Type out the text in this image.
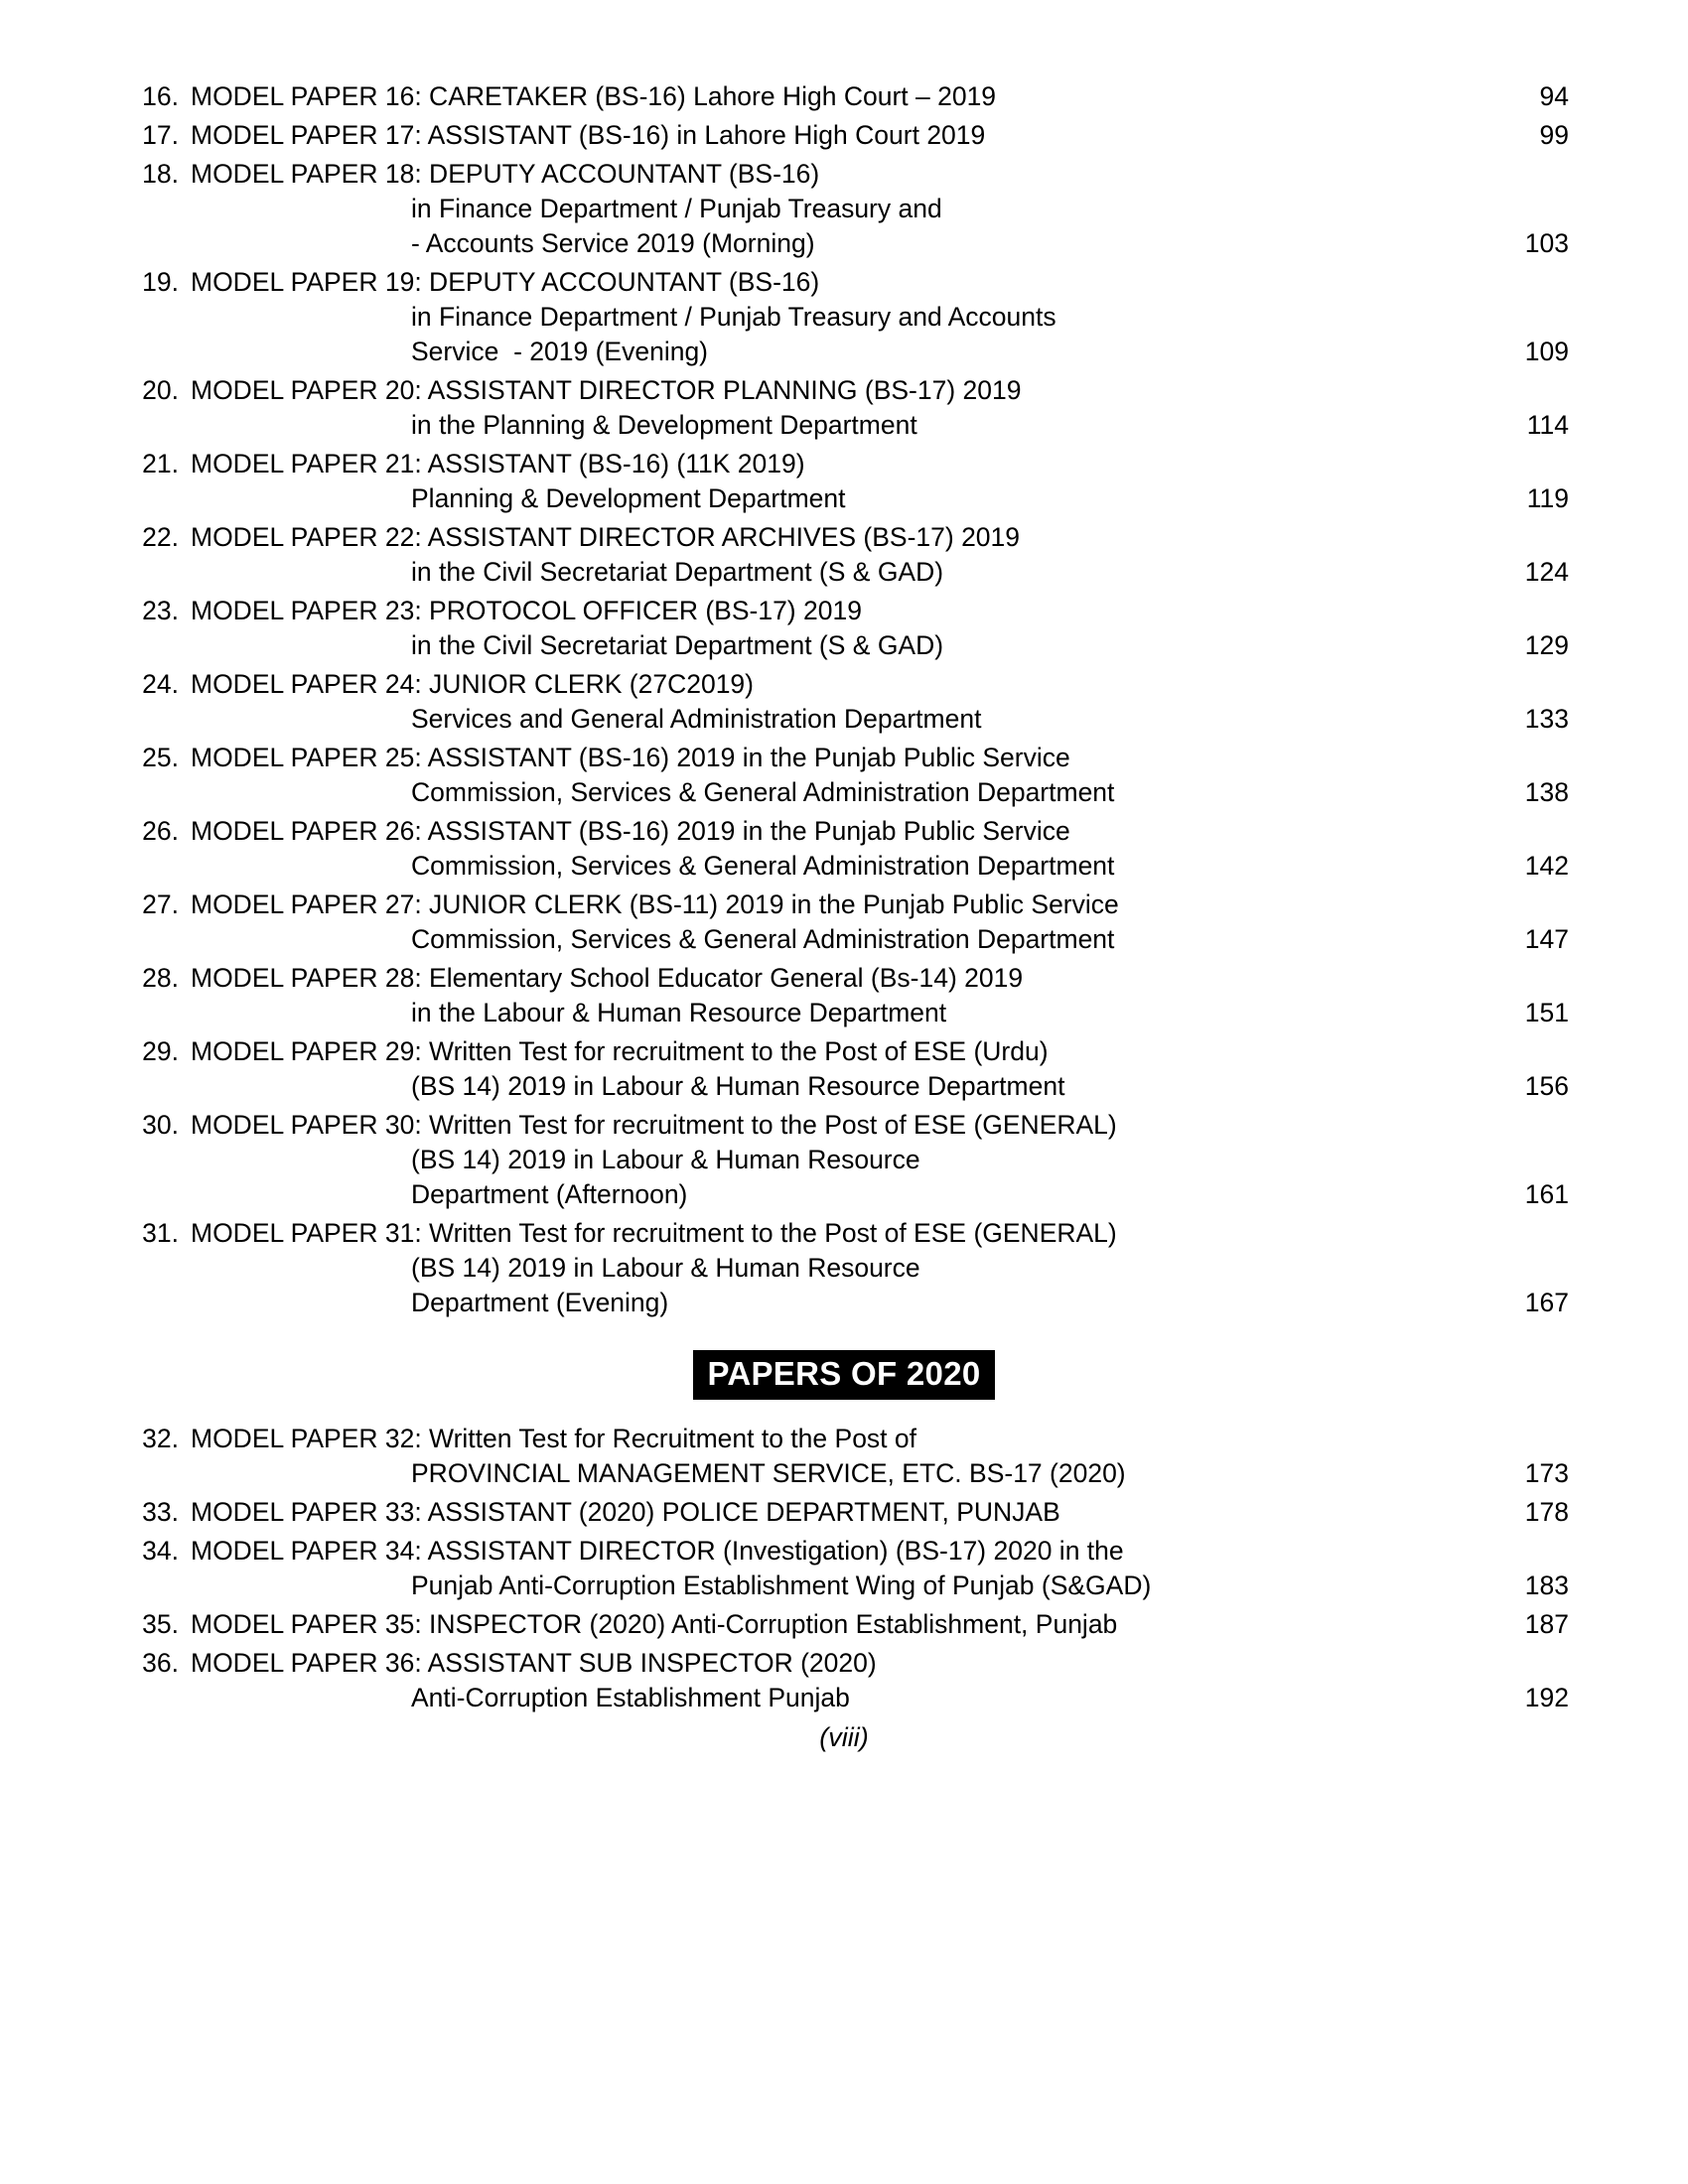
16. MODEL PAPER 16: CARETAKER (BS-16) Lahore High Court – 2019	94
17. MODEL PAPER 17: ASSISTANT (BS-16) in Lahore High Court 2019	99
18. MODEL PAPER 18: DEPUTY ACCOUNTANT (BS-16)
in Finance Department / Punjab Treasury and
- Accounts Service 2019 (Morning)	103
19. MODEL PAPER 19: DEPUTY ACCOUNTANT (BS-16)
in Finance Department / Punjab Treasury and Accounts
Service  - 2019 (Evening)	109
20. MODEL PAPER 20: ASSISTANT DIRECTOR PLANNING (BS-17) 2019
in the Planning & Development Department	114
21. MODEL PAPER 21: ASSISTANT (BS-16) (11K 2019)
Planning & Development Department	119
22. MODEL PAPER 22: ASSISTANT DIRECTOR ARCHIVES (BS-17) 2019
in the Civil Secretariat Department (S & GAD)	124
23. MODEL PAPER 23: PROTOCOL OFFICER (BS-17) 2019
in the Civil Secretariat Department (S & GAD)	129
24. MODEL PAPER 24: JUNIOR CLERK (27C2019)
Services and General Administration Department	133
25. MODEL PAPER 25: ASSISTANT (BS-16) 2019 in the Punjab Public Service
Commission, Services & General Administration Department	138
26. MODEL PAPER 26: ASSISTANT (BS-16) 2019 in the Punjab Public Service
Commission, Services & General Administration Department	142
27. MODEL PAPER 27: JUNIOR CLERK (BS-11) 2019 in the Punjab Public Service
Commission, Services & General Administration Department	147
28. MODEL PAPER 28: Elementary School Educator General (Bs-14) 2019
in the Labour & Human Resource Department	151
29. MODEL PAPER 29: Written Test for recruitment to the Post of ESE (Urdu)
(BS 14) 2019 in Labour & Human Resource Department	156
30. MODEL PAPER 30: Written Test for recruitment to the Post of ESE (GENERAL)
(BS 14) 2019 in Labour & Human Resource
Department (Afternoon)	161
31. MODEL PAPER 31: Written Test for recruitment to the Post of ESE (GENERAL)
(BS 14) 2019 in Labour & Human Resource
Department (Evening)	167
PAPERS OF 2020
32. MODEL PAPER 32: Written Test for Recruitment to the Post of
PROVINCIAL MANAGEMENT SERVICE, ETC. BS-17 (2020)	173
33. MODEL PAPER 33: ASSISTANT (2020) POLICE DEPARTMENT, PUNJAB	178
34. MODEL PAPER 34: ASSISTANT DIRECTOR (Investigation) (BS-17) 2020 in the
Punjab Anti-Corruption Establishment Wing of Punjab (S&GAD)	183
35. MODEL PAPER 35: INSPECTOR (2020) Anti-Corruption Establishment, Punjab	187
36. MODEL PAPER 36: ASSISTANT SUB INSPECTOR (2020)
Anti-Corruption Establishment Punjab	192
(viii)
